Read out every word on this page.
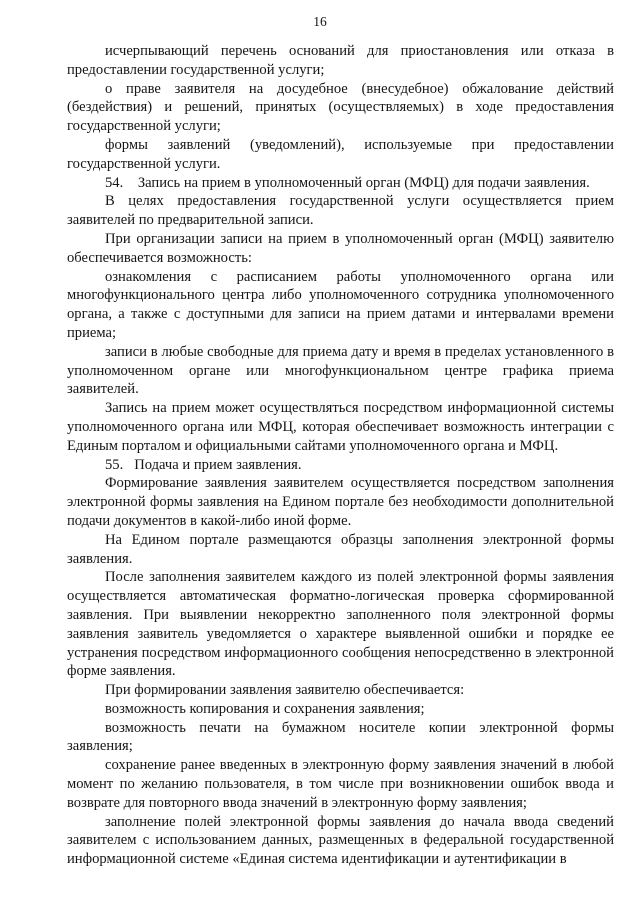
16

исчерпывающий перечень оснований для приостановления или отказа в предоставлении государственной услуги;

о праве заявителя на досудебное (внесудебное) обжалование действий (бездействия) и решений, принятых (осуществляемых) в ходе предоставления государственной услуги;

формы заявлений (уведомлений), используемые при предоставлении государственной услуги.

54.    Запись на прием в уполномоченный орган (МФЦ) для подачи заявления.

В целях предоставления государственной услуги осуществляется прием заявителей по предварительной записи.

При организации записи на прием в уполномоченный орган (МФЦ) заявителю обеспечивается возможность:

ознакомления с расписанием работы уполномоченного органа или многофункционального центра либо уполномоченного сотрудника уполномоченного органа, а также с доступными для записи на прием датами и интервалами времени приема;

записи в любые свободные для приема дату и время в пределах установленного в уполномоченном органе или многофункциональном центре графика приема заявителей.

Запись на прием может осуществляться посредством информационной системы уполномоченного органа или МФЦ, которая обеспечивает возможность интеграции с Единым порталом и официальными сайтами уполномоченного органа и МФЦ.

55.   Подача и прием заявления.

Формирование заявления заявителем осуществляется посредством заполнения электронной формы заявления на Едином портале без необходимости дополнительной подачи документов в какой-либо иной форме.

На Едином портале размещаются образцы заполнения электронной формы заявления.

После заполнения заявителем каждого из полей электронной формы заявления осуществляется автоматическая форматно-логическая проверка сформированной заявления. При выявлении некорректно заполненного поля электронной формы заявления заявитель уведомляется о характере выявленной ошибки и порядке ее устранения посредством информационного сообщения непосредственно в электронной форме заявления.

При формировании заявления заявителю обеспечивается:

возможность копирования и сохранения заявления;

возможность печати на бумажном носителе копии электронной формы заявления;

сохранение ранее введенных в электронную форму заявления значений в любой момент по желанию пользователя, в том числе при возникновении ошибок ввода и возврате для повторного ввода значений в электронную форму заявления;

заполнение полей электронной формы заявления до начала ввода сведений заявителем с использованием данных, размещенных в федеральной государственной информационной системе «Единая система идентификации и аутентификации в
